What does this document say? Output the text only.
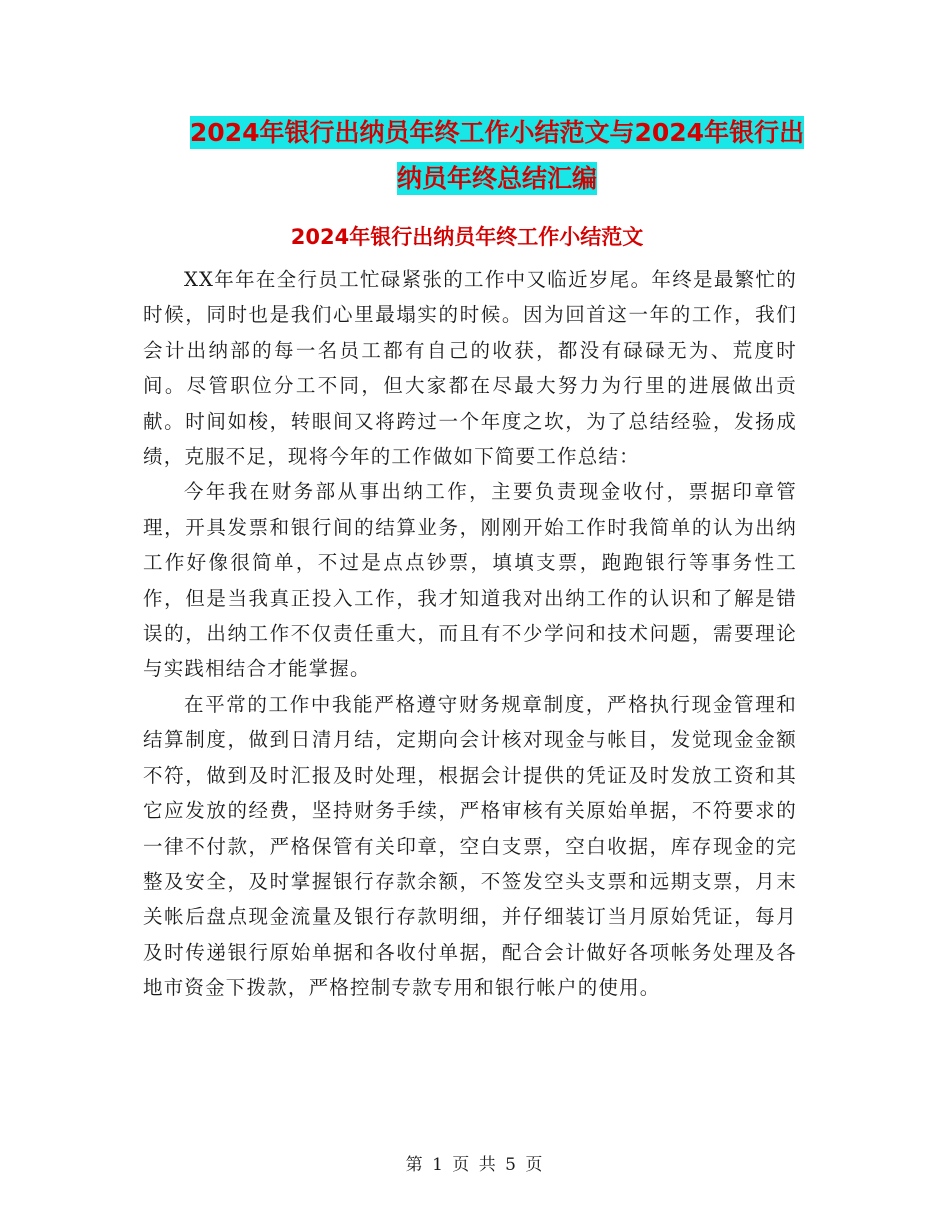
2024年银行出纳员年终工作小结范文与2024年银行出
纳员年终总结汇编
2024年银行出纳员年终工作小结范文

XX年年在全行员工忙碌紧张的工作中又临近岁尾。年终是最繁忙的时候，同时也是我们心里最塌实的时候。因为回首这一年的工作，我们会计出纳部的每一名员工都有自己的收获，都没有碌碌无为、荒度时间。尽管职位分工不同，但大家都在尽最大努力为行里的进展做出贡献。时间如梭，转眼间又将跨过一个年度之坎，为了总结经验，发扬成绩，克服不足，现将今年的工作做如下简要工作总结：

今年我在财务部从事出纳工作，主要负责现金收付，票据印章管理，开具发票和银行间的结算业务，刚刚开始工作时我简单的认为出纳工作好像很简单，不过是点点钞票，填填支票，跑跑银行等事务性工作，但是当我真正投入工作，我才知道我对出纳工作的认识和了解是错误的，出纳工作不仅责任重大，而且有不少学问和技术问题，需要理论与实践相结合才能掌握。

在平常的工作中我能严格遵守财务规章制度，严格执行现金管理和结算制度，做到日清月结，定期向会计核对现金与帐目，发觉现金金额不符，做到及时汇报及时处理，根据会计提供的凭证及时发放工资和其它应发放的经费，坚持财务手续，严格审核有关原始单据，不符要求的一律不付款，严格保管有关印章，空白支票，空白收据，库存现金的完整及安全，及时掌握银行存款余额，不签发空头支票和远期支票，月末关帐后盘点现金流量及银行存款明细，并仔细装订当月原始凭证，每月及时传递银行原始单据和各收付单据，配合会计做好各项帐务处理及各地市资金下拨款，严格控制专款专用和银行帐户的使用。

第 1 页 共 5 页
